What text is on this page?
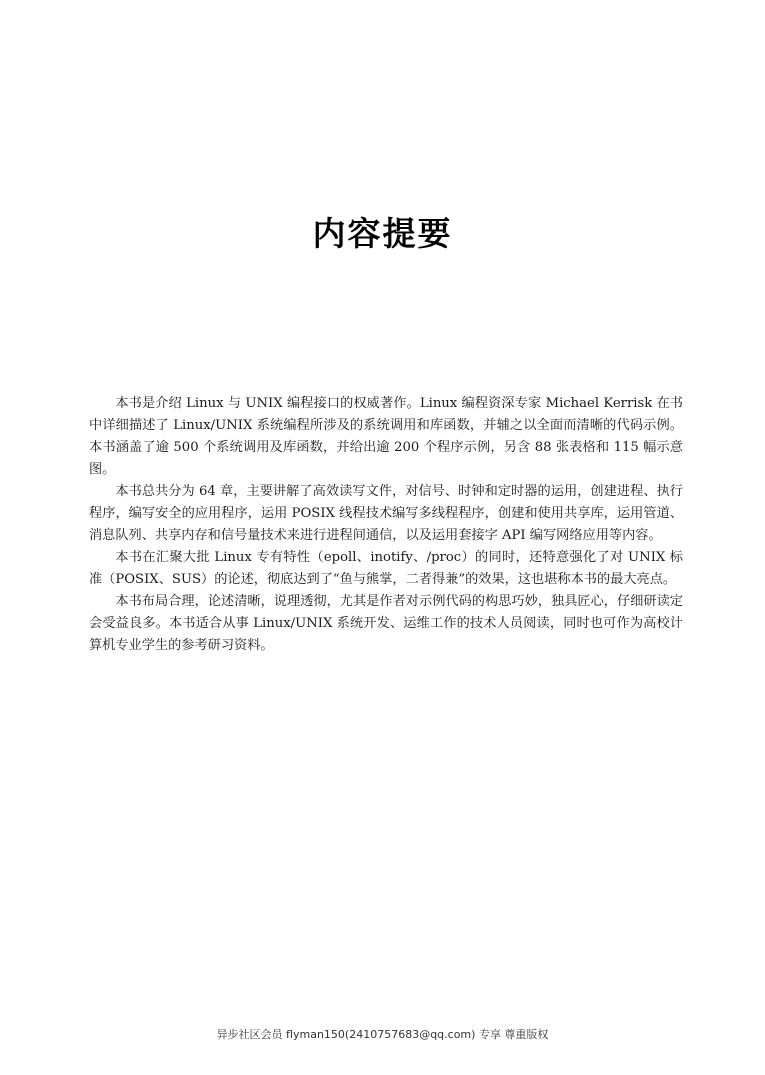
内容提要

本书是介绍 Linux 与 UNIX 编程接口的权威著作。Linux 编程资深专家 Michael Kerrisk 在书中详细描述了 Linux/UNIX 系统编程所涉及的系统调用和库函数，并辅之以全面而清晰的代码示例。本书涵盖了逾 500 个系统调用及库函数，并给出逾 200 个程序示例，另含 88 张表格和 115 幅示意图。

本书总共分为 64 章，主要讲解了高效读写文件，对信号、时钟和定时器的运用，创建进程、执行程序，编写安全的应用程序，运用 POSIX 线程技术编写多线程程序，创建和使用共享库，运用管道、消息队列、共享内存和信号量技术来进行进程间通信，以及运用套接字 API 编写网络应用等内容。

本书在汇聚大批 Linux 专有特性（epoll、inotify、/proc）的同时，还特意强化了对 UNIX 标准（POSIX、SUS）的论述，彻底达到了“鱼与熊掌，二者得兼”的效果，这也堪称本书的最大亮点。

本书布局合理，论述清晰，说理透彻，尤其是作者对示例代码的构思巧妙，独具匠心，仔细研读定会受益良多。本书适合从事 Linux/UNIX 系统开发、运维工作的技术人员阅读，同时也可作为高校计算机专业学生的参考研习资料。

异步社区会员 flyman150(2410757683@qq.com) 专享 尊重版权
